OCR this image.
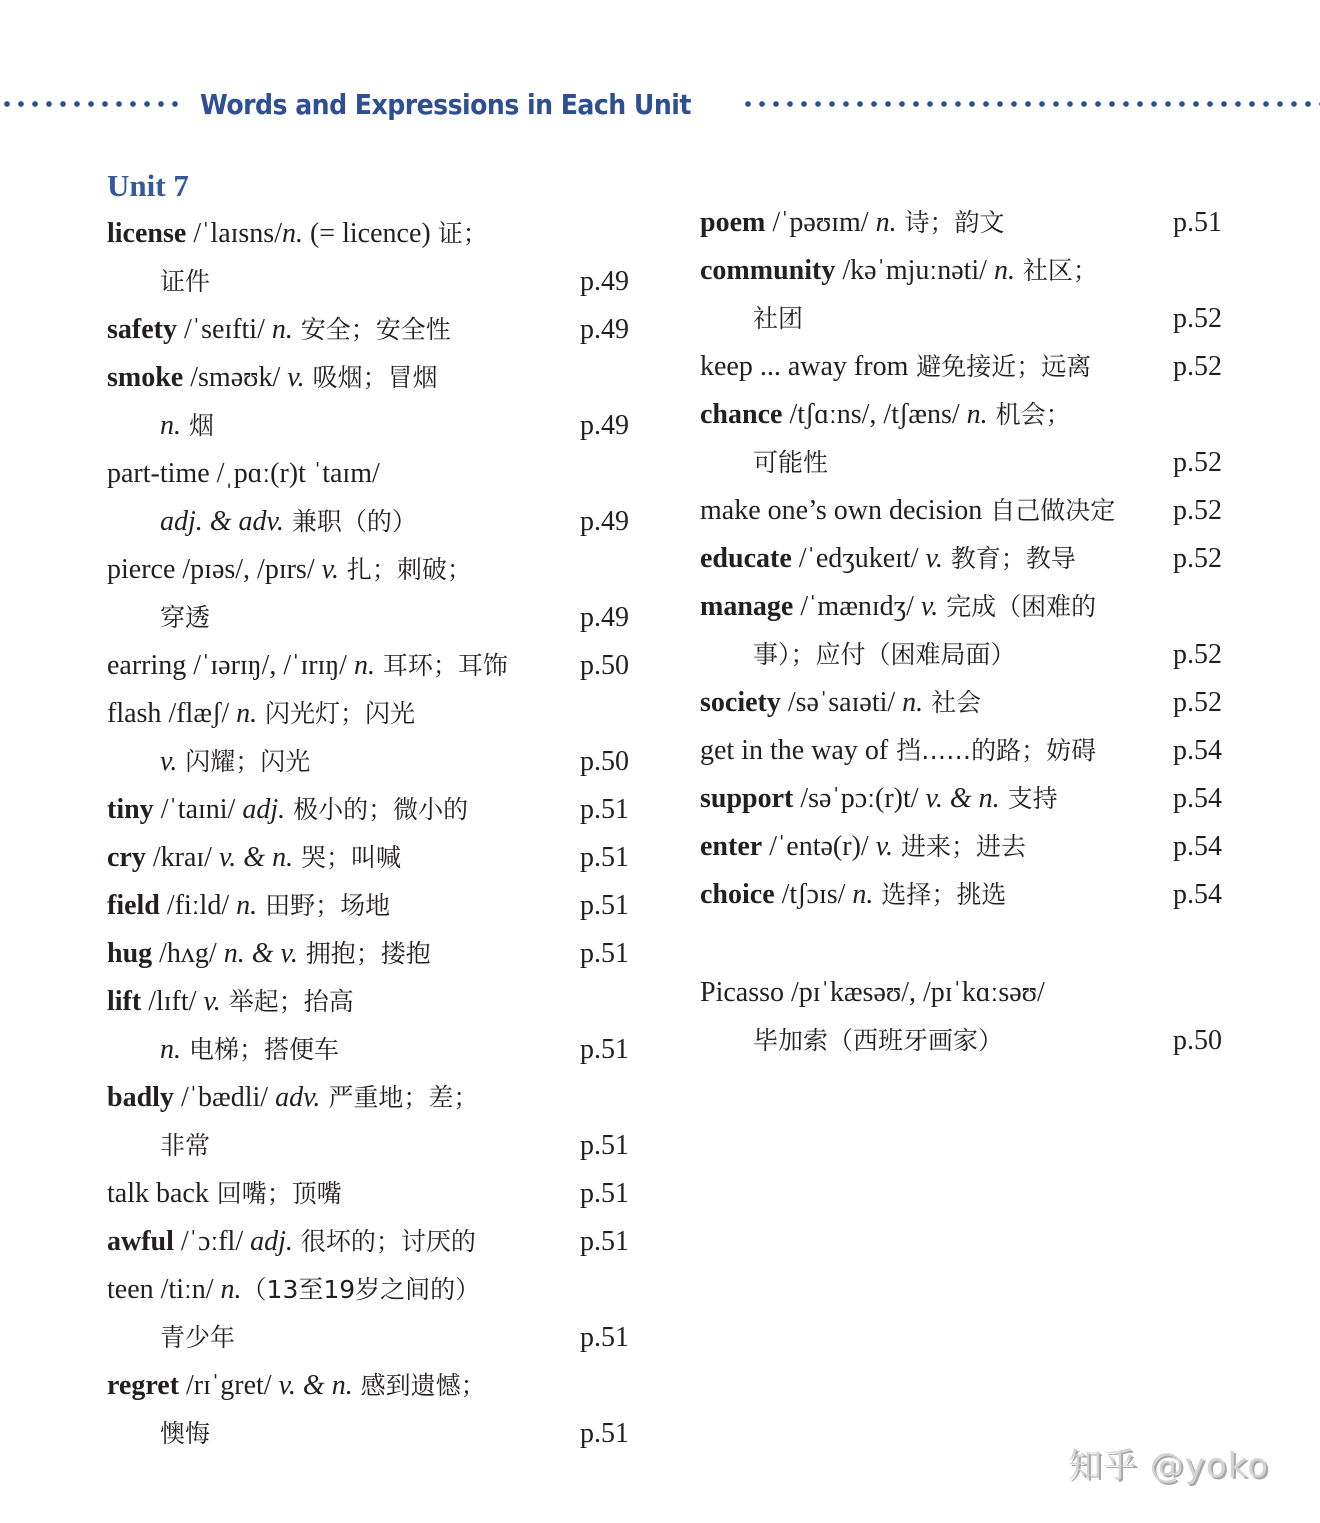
Words and Expressions in Each Unit
Unit 7
license /ˈlaɪsns/n. (= licence) 证；
证件	p.49
safety /ˈseɪfti/ n. 安全；安全性	p.49
smoke /sməʊk/ v. 吸烟；冒烟
n. 烟	p.49
part-time /ˌpɑː(r)t ˈtaɪm/
adj. & adv. 兼职（的）	p.49
pierce /pɪəs/, /pɪrs/ v. 扎；刺破；
穿透	p.49
earring /ˈɪərɪŋ/, /ˈɪrɪŋ/ n. 耳环；耳饰	p.50
flash /flæʃ/ n. 闪光灯；闪光
v. 闪耀；闪光	p.50
tiny /ˈtaɪni/ adj. 极小的；微小的	p.51
cry /kraɪ/ v. & n. 哭；叫喊	p.51
field /fiːld/ n. 田野；场地	p.51
hug /hʌg/ n. & v. 拥抱；搂抱	p.51
lift /lɪft/ v. 举起；抬高
n. 电梯；搭便车	p.51
badly /ˈbædli/ adv. 严重地；差；
非常	p.51
talk back 回嘴；顶嘴	p.51
awful /ˈɔːfl/ adj. 很坏的；讨厌的	p.51
teen /tiːn/ n.（13至19岁之间的）
青少年	p.51
regret /rɪˈgret/ v. & n. 感到遗憾；
懊悔	p.51
poem /ˈpəʊɪm/ n. 诗；韵文	p.51
community /kəˈmjuːnəti/ n. 社区；
社团	p.52
keep ... away from 避免接近；远离	p.52
chance /tʃɑːns/, /tʃæns/ n. 机会；
可能性	p.52
make one’s own decision 自己做决定 p.52
educate /ˈedʒukeɪt/ v. 教育；教导	p.52
manage /ˈmænɪdʒ/ v. 完成（困难的
事）；应付（困难局面）	p.52
society /səˈsaɪəti/ n. 社会	p.52
get in the way of 挡……的路；妨碍	p.54
support /səˈpɔː(r)t/ v. & n. 支持	p.54
enter /ˈentə(r)/ v. 进来；进去	p.54
choice /tʃɔɪs/ n. 选择；挑选	p.54
Picasso /pɪˈkæsəʊ/, /pɪˈkɑːsəʊ/
毕加索（西班牙画家）	p.50
知乎 @yoko
